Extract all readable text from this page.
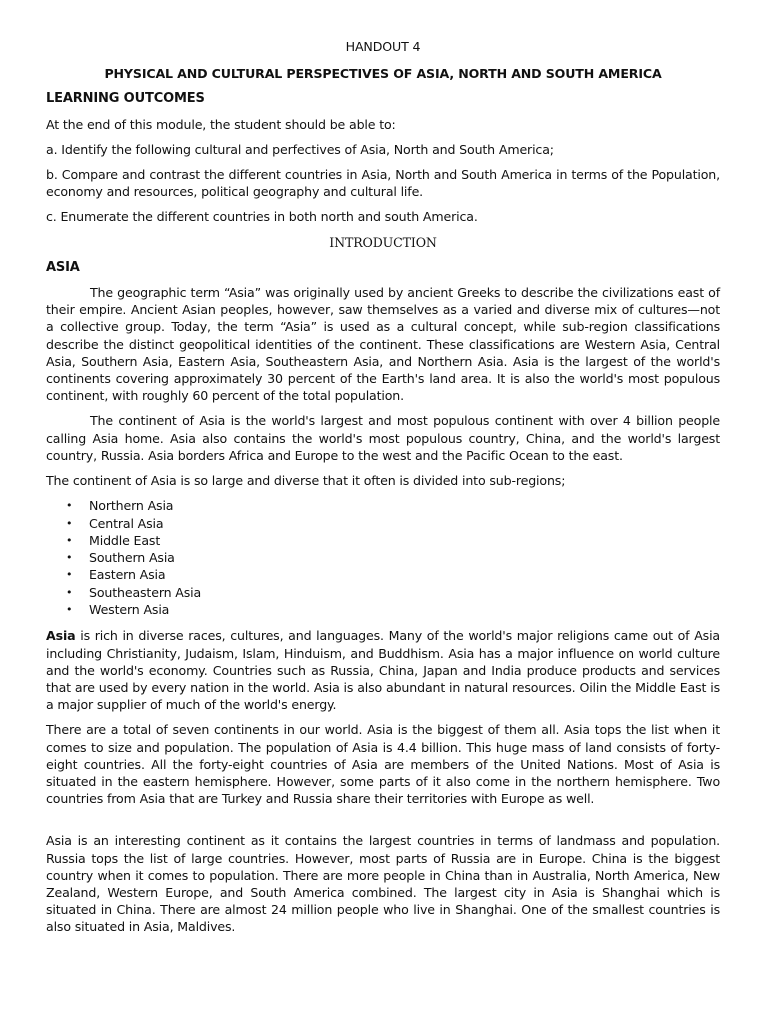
HANDOUT 4
PHYSICAL AND CULTURAL PERSPECTIVES OF ASIA, NORTH AND SOUTH AMERICA
LEARNING OUTCOMES

At the end of this module, the student should be able to:

a. Identify the following cultural and perfectives of Asia, North and South America;

b. Compare and contrast the different countries in Asia, North and South America in terms of the Population, economy and resources, political geography and cultural life.

c. Enumerate the different countries in both north and south America.

INTRODUCTION
ASIA

The geographic term “Asia” was originally used by ancient Greeks to describe the civilizations east of their empire. Ancient Asian peoples, however, saw themselves as a varied and diverse mix of cultures—not a collective group. Today, the term “Asia” is used as a cultural concept, while sub-region classifications describe the distinct geopolitical identities of the continent. These classifications are Western Asia, Central Asia, Southern Asia, Eastern Asia, Southeastern Asia, and Northern Asia. Asia is the largest of the world's continents covering approximately 30 percent of the Earth's land area. It is also the world's most populous continent, with roughly 60 percent of the total population.

The continent of Asia is the world's largest and most populous continent with over 4 billion people calling Asia home. Asia also contains the world's most populous country, China, and the world's largest country, Russia. Asia borders Africa and Europe to the west and the Pacific Ocean to the east.

The continent of Asia is so large and diverse that it often is divided into sub-regions;

• Northern Asia
• Central Asia
• Middle East
• Southern Asia
• Eastern Asia
• Southeastern Asia
• Western Asia

Asia is rich in diverse races, cultures, and languages. Many of the world's major religions came out of Asia including Christianity, Judaism, Islam, Hinduism, and Buddhism. Asia has a major influence on world culture and the world's economy. Countries such as Russia, China, Japan and India produce products and services that are used by every nation in the world. Asia is also abundant in natural resources. Oilin the Middle East is a major supplier of much of the world's energy.

There are a total of seven continents in our world. Asia is the biggest of them all. Asia tops the list when it comes to size and population. The population of Asia is 4.4 billion. This huge mass of land consists of forty-eight countries. All the forty-eight countries of Asia are members of the United Nations. Most of Asia is situated in the eastern hemisphere. However, some parts of it also come in the northern hemisphere. Two countries from Asia that are Turkey and Russia share their territories with Europe as well.

Asia is an interesting continent as it contains the largest countries in terms of landmass and population. Russia tops the list of large countries. However, most parts of Russia are in Europe. China is the biggest country when it comes to population. There are more people in China than in Australia, North America, New Zealand, Western Europe, and South America combined. The largest city in Asia is Shanghai which is situated in China. There are almost 24 million people who live in Shanghai. One of the smallest countries is also situated in Asia, Maldives.
